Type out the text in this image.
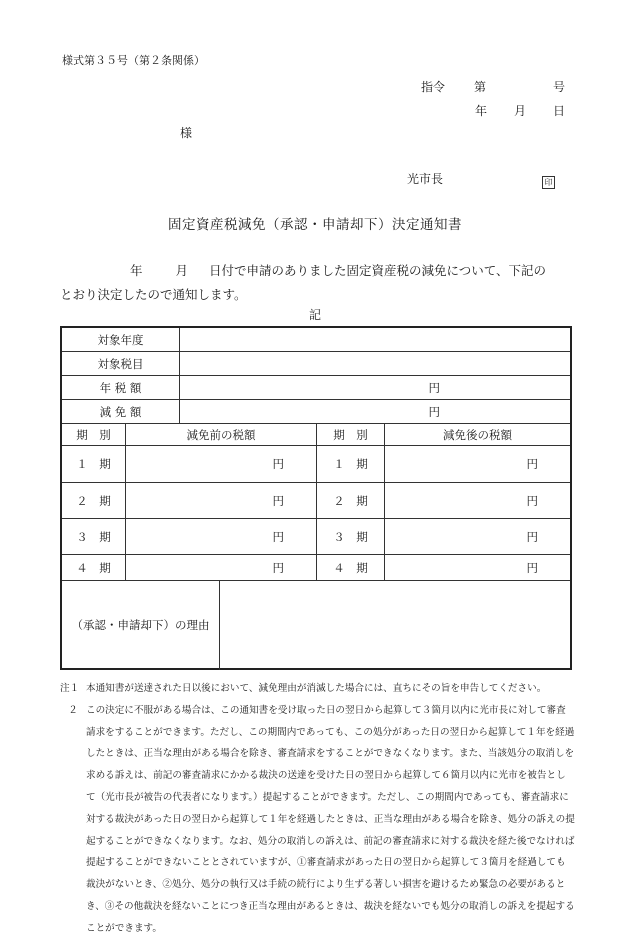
様式第３５号（第２条関係）
指令 第	号
年 月 日
様
光市長	印
固定資産税減免（承認・申請却下）決定通知書
年	月 日付で申請のありました固定資産税の減免について、下記の
とおり決定したので通知します。
記
対象年度
対象税目
年 税 額	円
減 免 額	円
期　別	減免前の税額	期　別	減免後の税額
１　期	円	１　期	円
２　期	円	２　期	円
３　期	円	３　期	円
４　期	円	４　期	円
（承認・申請却下）の理由
注１ 本通知書が送達された日以後において、減免理由が消滅した場合には、直ちにその旨を申告してください。
２ この決定に不服がある場合は、この通知書を受け取った日の翌日から起算して３箇月以内に光市長に対して審査請求をすることができます。ただし、この期間内であっても、この処分があった日の翌日から起算して１年を経過したときは、正当な理由がある場合を除き、審査請求をすることができなくなります。また、当該処分の取消しを求める訴えは、前記の審査請求にかかる裁決の送達を受けた日の翌日から起算して６箇月以内に光市を被告として（光市長が被告の代表者になります。）提起することができます。ただし、この期間内であっても、審査請求に対する裁決があった日の翌日から起算して１年を経過したときは、正当な理由がある場合を除き、処分の訴えの提起することができなくなります。なお、処分の取消しの訴えは、前記の審査請求に対する裁決を経た後でなければ提起することができないこととされていますが、①審査請求があった日の翌日から起算して３箇月を経過しても裁決がないとき、②処分、処分の執行又は手続の続行により生ずる著しい損害を避けるため緊急の必要があるとき、③その他裁決を経ないことにつき正当な理由があるときは、裁決を経ないでも処分の取消しの訴えを提起することができます。
